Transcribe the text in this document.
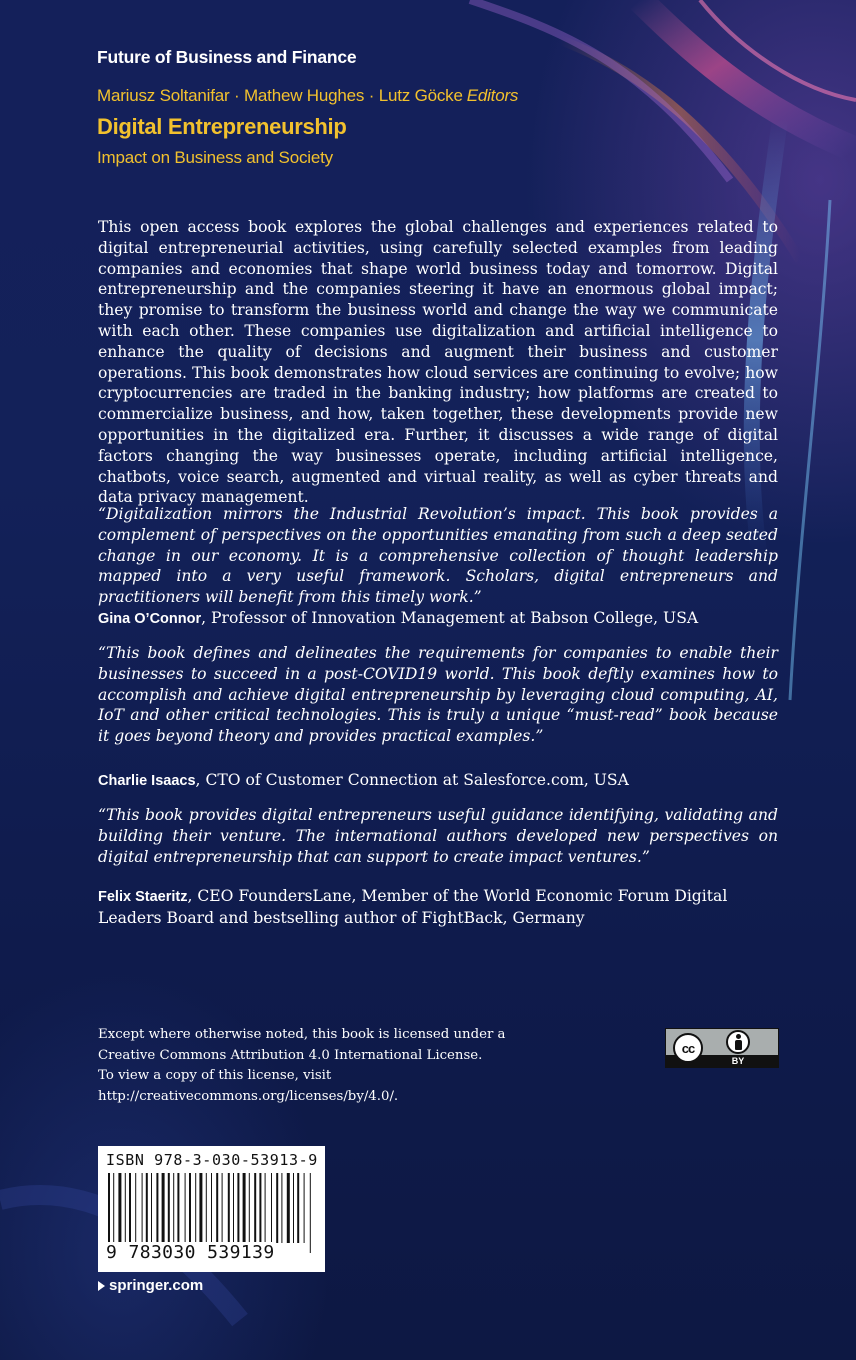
Future of Business and Finance
Mariusz Soltanifar · Mathew Hughes · Lutz Göcke Editors
Digital Entrepreneurship
Impact on Business and Society

This open access book explores the global challenges and experiences related to digital entrepreneurial activities, using carefully selected examples from leading companies and economies that shape world business today and tomorrow. Digital entrepreneurship and the companies steering it have an enormous global impact; they promise to transform the business world and change the way we communicate with each other. These companies use digitalization and artificial intelligence to enhance the quality of decisions and augment their business and customer operations. This book demonstrates how cloud services are continuing to evolve; how cryptocurrencies are traded in the banking industry; how platforms are created to commercialize business, and how, taken together, these developments provide new opportunities in the digitalized era. Further, it discusses a wide range of digital factors changing the way businesses operate, including artificial intelligence, chatbots, voice search, augmented and virtual reality, as well as cyber threats and data privacy management.

“Digitalization mirrors the Industrial Revolution’s impact. This book provides a complement of perspectives on the opportunities emanating from such a deep seated change in our economy. It is a comprehensive collection of thought leadership mapped into a very useful framework. Scholars, digital entrepreneurs and practitioners will benefit from this timely work.”

Gina O’Connor, Professor of Innovation Management at Babson College, USA

“This book defines and delineates the requirements for companies to enable their businesses to succeed in a post-COVID19 world. This book deftly examines how to accomplish and achieve digital entrepreneurship by leveraging cloud computing, AI, IoT and other critical technologies. This is truly a unique “must-read” book because it goes beyond theory and provides practical examples.”

Charlie Isaacs, CTO of Customer Connection at Salesforce.com, USA

“This book provides digital entrepreneurs useful guidance identifying, validating and building their venture. The international authors developed new perspectives on digital entrepreneurship that can support to create impact ventures.”

Felix Staeritz, CEO FoundersLane, Member of the World Economic Forum Digital Leaders Board and bestselling author of FightBack, Germany

Except where otherwise noted, this book is licensed under a
Creative Commons Attribution 4.0 International License.
To view a copy of this license, visit
http://creativecommons.org/licenses/by/4.0/.
cc
BY
ISBN 978-3-030-53913-9
9 783030 539139
springer.com
